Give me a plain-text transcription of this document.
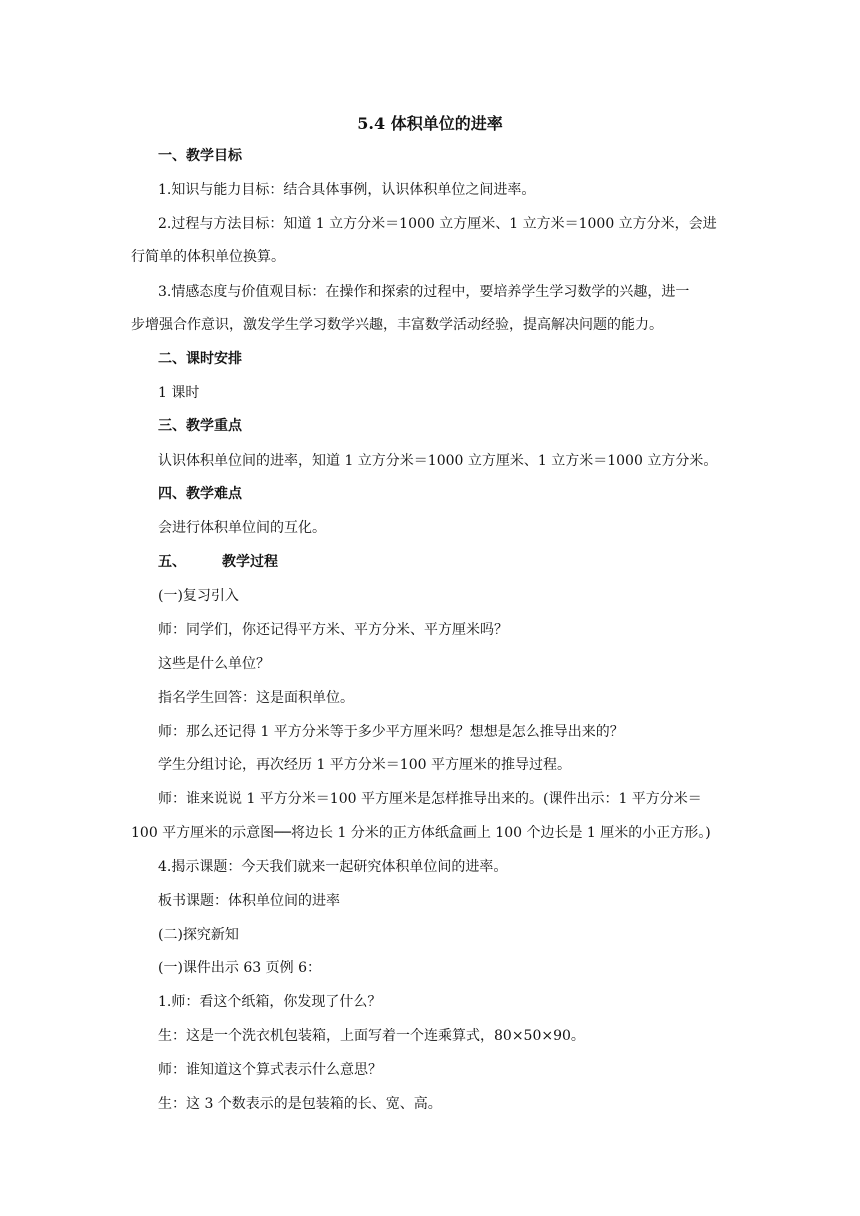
5.4 体积单位的进率
一、教学目标
1.知识与能力目标：结合具体事例，认识体积单位之间进率。
2.过程与方法目标：知道 1 立方分米＝1000 立方厘米、1 立方米＝1000 立方分米，会进
行简单的体积单位换算。
3.情感态度与价值观目标：在操作和探索的过程中，要培养学生学习数学的兴趣，进一
步增强合作意识，激发学生学习数学兴趣，丰富数学活动经验，提高解决问题的能力。
二、课时安排
1 课时
三、教学重点
认识体积单位间的进率，知道 1 立方分米＝1000 立方厘米、1 立方米＝1000 立方分米。
四、教学难点
会进行体积单位间的互化。
五、	教学过程
(一)复习引入
师：同学们，你还记得平方米、平方分米、平方厘米吗？
这些是什么单位？
指名学生回答：这是面积单位。
师：那么还记得 1 平方分米等于多少平方厘米吗？想想是怎么推导出来的？
学生分组讨论，再次经历 1 平方分米＝100 平方厘米的推导过程。
师：谁来说说 1 平方分米＝100 平方厘米是怎样推导出来的。(课件出示：1 平方分米＝
100 平方厘米的示意图──将边长 1 分米的正方体纸盒画上 100 个边长是 1 厘米的小正方形。)
4.揭示课题：今天我们就来一起研究体积单位间的进率。
板书课题：体积单位间的进率
(二)探究新知
(一)课件出示 63 页例 6：
1.师：看这个纸箱，你发现了什么？
生：这是一个洗衣机包装箱，上面写着一个连乘算式，80×50×90。
师：谁知道这个算式表示什么意思？
生：这 3 个数表示的是包装箱的长、宽、高。
